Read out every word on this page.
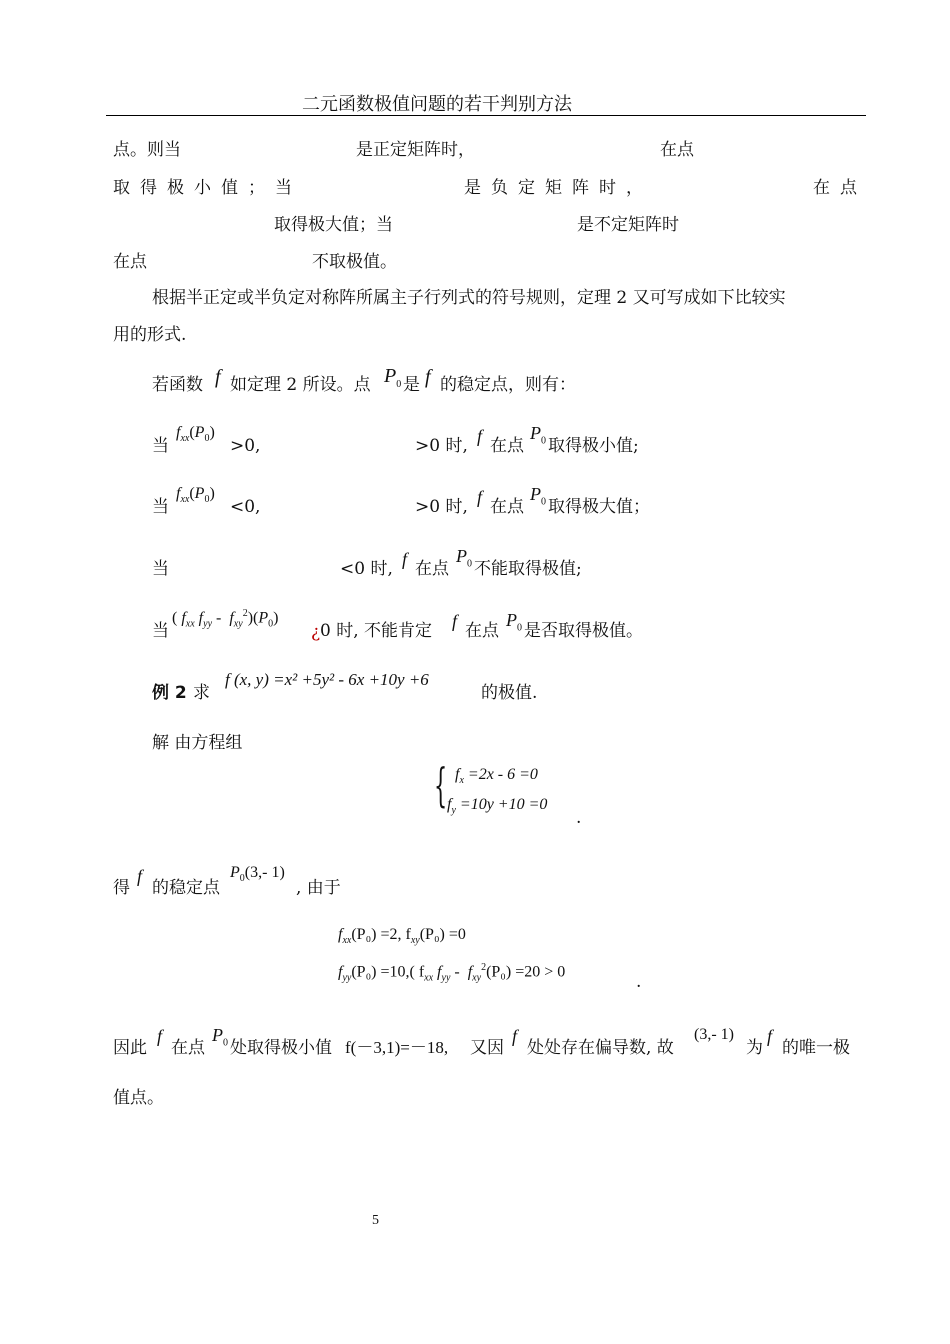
二元函数极值问题的若干判别方法
点。则当	是正定矩阵时，	在点
取得极小值；当	是负定矩阵时，	在点
取得极大值；当	是不定矩阵时
在点	不取极值。
根据半正定或半负定对称阵所属主子行列式的符号规则，定理 2 又可写成如下比较实
用的形式.
若函数 f 如定理 2 所设。点 $P_0$ 是 f 的稳定点，则有：
当
$f_{xx}(P_0)$
>0,	>0 时, f 在点
$P_0$ 取得极小值;
当
$f_{xx}(P_0)$
<0,	>0 时, f 在点
$P_0$ 取得极大值；
当	<0 时, f 在点
$P_0$ 不能取得极值;
当
( $f_{xx}$ $f_{yy} - f_{xy}^2)(P_0)$
¿ 0 时, 不能肯定 f 在点
$P_0$ 是否取得极值。
例 2 求
f (x, y) =x² +5y² - 6x +10y +6
的极值.
解 由方程组
{ $f_x =2x - 6 =0$
$f_y =10y +10 =0$
.
得
f
的稳定点
$P_0(3,-$ 1)
, 由于
$f_{xx}(P_0) =2$, $f_{xy}(P_0) =0$
$f_{yy}(P_0) =10$,( $f_{xx}$ $f_{yy} - f_{xy}^2(P_0) =20 > 0$
.
因此
f
在点
$P_0$ 处取得极小值 f(－3,1)=－18, 又因
f
处处存在偏导数, 故
(3,- 1)
为
f
的唯一极
值点。
5
